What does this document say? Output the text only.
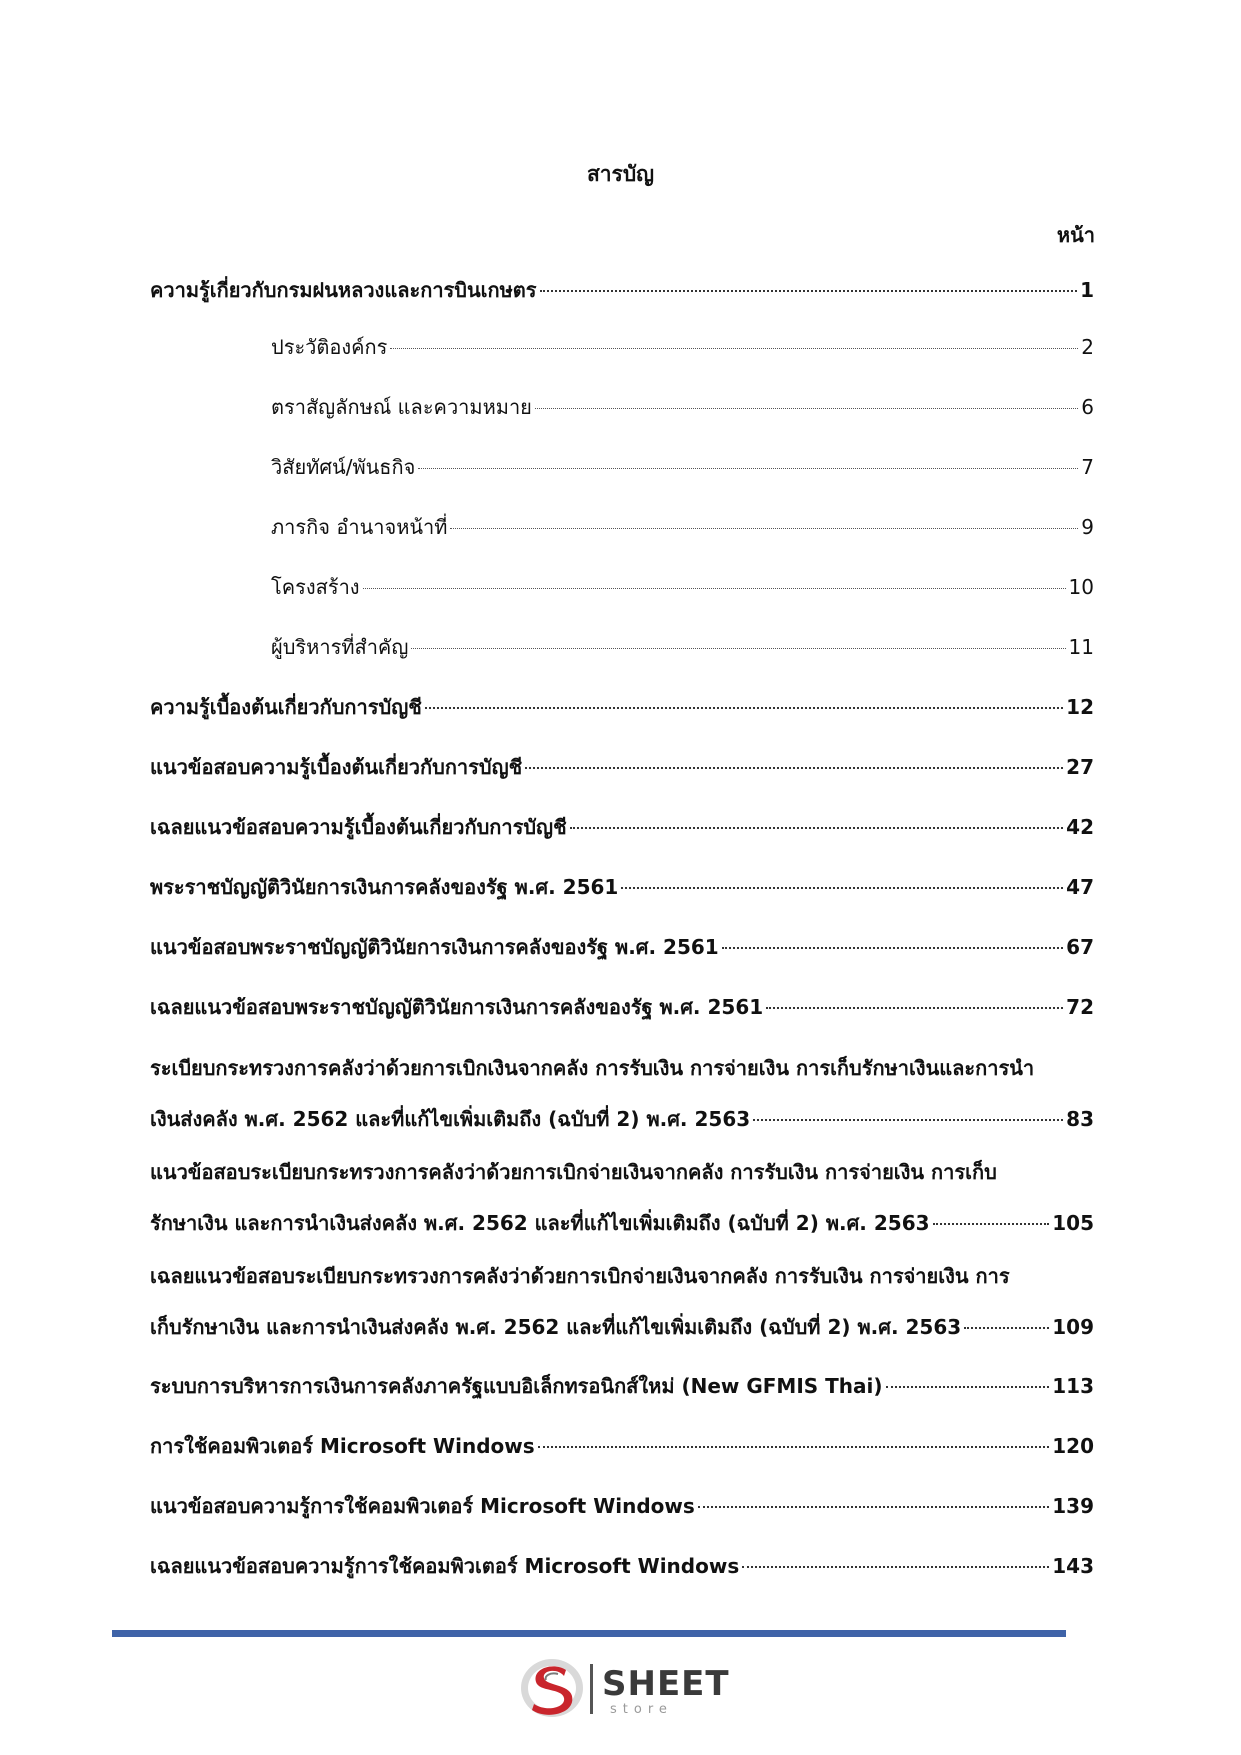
สารบัญ
หน้า
ความรู้เกี่ยวกับกรมฝนหลวงและการบินเกษตร	1
ประวัติองค์กร	2
ตราสัญลักษณ์ และความหมาย	6
วิสัยทัศน์/พันธกิจ	7
ภารกิจ อำนาจหน้าที่	9
โครงสร้าง	10
ผู้บริหารที่สำคัญ	11
ความรู้เบื้องต้นเกี่ยวกับการบัญชี	12
แนวข้อสอบความรู้เบื้องต้นเกี่ยวกับการบัญชี	27
เฉลยแนวข้อสอบความรู้เบื้องต้นเกี่ยวกับการบัญชี	42
พระราชบัญญัติวินัยการเงินการคลังของรัฐ พ.ศ. 2561	47
แนวข้อสอบพระราชบัญญัติวินัยการเงินการคลังของรัฐ พ.ศ. 2561	67
เฉลยแนวข้อสอบพระราชบัญญัติวินัยการเงินการคลังของรัฐ พ.ศ. 2561	72
ระเบียบกระทรวงการคลังว่าด้วยการเบิกเงินจากคลัง การรับเงิน การจ่ายเงิน การเก็บรักษาเงินและการนำ
เงินส่งคลัง พ.ศ. 2562 และที่แก้ไขเพิ่มเติมถึง (ฉบับที่ 2) พ.ศ. 2563	83
แนวข้อสอบระเบียบกระทรวงการคลังว่าด้วยการเบิกจ่ายเงินจากคลัง การรับเงิน การจ่ายเงิน การเก็บ
รักษาเงิน และการนำเงินส่งคลัง พ.ศ. 2562 และที่แก้ไขเพิ่มเติมถึง (ฉบับที่ 2) พ.ศ. 2563	105
เฉลยแนวข้อสอบระเบียบกระทรวงการคลังว่าด้วยการเบิกจ่ายเงินจากคลัง การรับเงิน การจ่ายเงิน การ
เก็บรักษาเงิน และการนำเงินส่งคลัง พ.ศ. 2562 และที่แก้ไขเพิ่มเติมถึง (ฉบับที่ 2) พ.ศ. 2563	109
ระบบการบริหารการเงินการคลังภาครัฐแบบอิเล็กทรอนิกส์ใหม่ (New GFMIS Thai)	113
การใช้คอมพิวเตอร์ Microsoft Windows	120
แนวข้อสอบความรู้การใช้คอมพิวเตอร์ Microsoft Windows	139
เฉลยแนวข้อสอบความรู้การใช้คอมพิวเตอร์ Microsoft Windows	143
SHEET
store
